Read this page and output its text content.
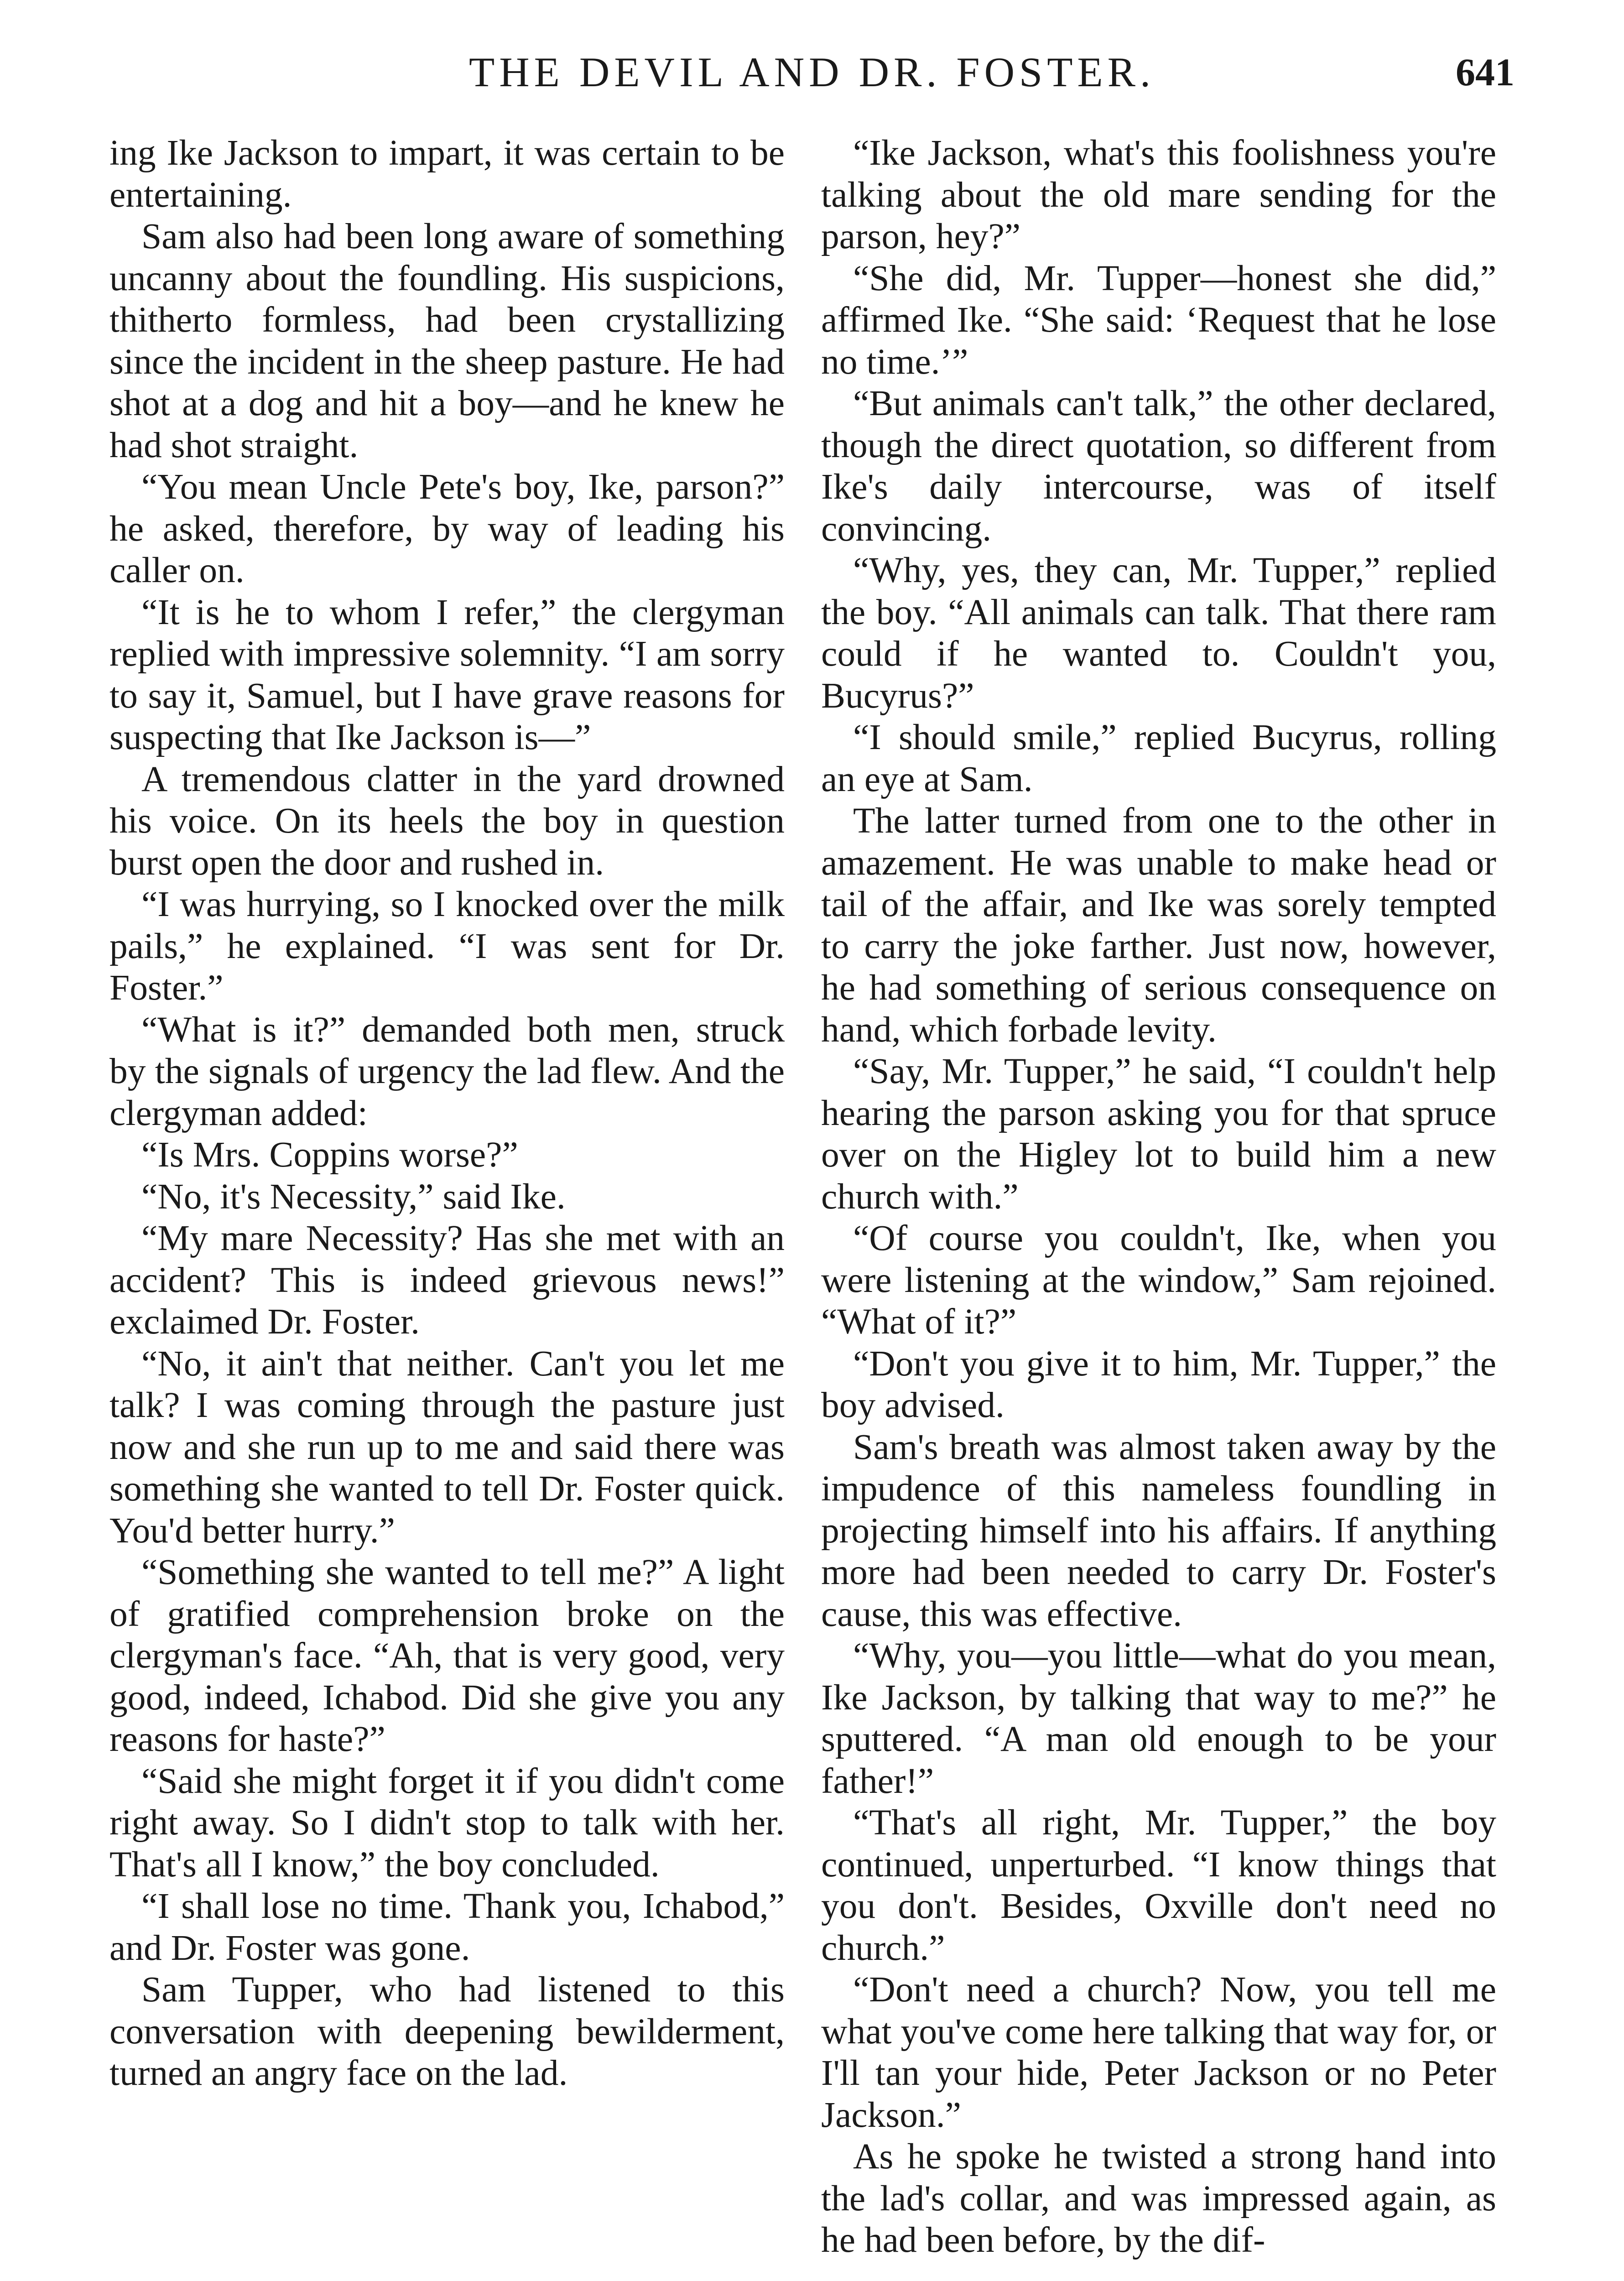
THE DEVIL AND DR. FOSTER.	641

ing Ike Jackson to impart, it was certain to be entertaining.

Sam also had been long aware of something uncanny about the foundling. His suspicions, thitherto formless, had been crystallizing since the incident in the sheep pasture. He had shot at a dog and hit a boy—and he knew he had shot straight.

“You mean Uncle Pete's boy, Ike, parson?” he asked, therefore, by way of leading his caller on.

“It is he to whom I refer,” the clergyman replied with impressive solemnity. “I am sorry to say it, Samuel, but I have grave reasons for suspecting that Ike Jackson is—”

A tremendous clatter in the yard drowned his voice. On its heels the boy in question burst open the door and rushed in.

“I was hurrying, so I knocked over the milk pails,” he explained. “I was sent for Dr. Foster.”

“What is it?” demanded both men, struck by the signals of urgency the lad flew. And the clergyman added:

“Is Mrs. Coppins worse?”

“No, it's Necessity,” said Ike.

“My mare Necessity? Has she met with an accident? This is indeed grievous news!” exclaimed Dr. Foster.

“No, it ain't that neither. Can't you let me talk? I was coming through the pasture just now and she run up to me and said there was something she wanted to tell Dr. Foster quick. You'd better hurry.”

“Something she wanted to tell me?” A light of gratified comprehension broke on the clergyman's face. “Ah, that is very good, very good, indeed, Ichabod. Did she give you any reasons for haste?”

“Said she might forget it if you didn't come right away. So I didn't stop to talk with her. That's all I know,” the boy concluded.

“I shall lose no time. Thank you, Ichabod,” and Dr. Foster was gone.

Sam Tupper, who had listened to this conversation with deepening bewilderment, turned an angry face on the lad.

“Ike Jackson, what's this foolishness you're talking about the old mare sending for the parson, hey?”

“She did, Mr. Tupper—honest she did,” affirmed Ike. “She said: ‘Request that he lose no time.’”

“But animals can't talk,” the other declared, though the direct quotation, so different from Ike's daily intercourse, was of itself convincing.

“Why, yes, they can, Mr. Tupper,” replied the boy. “All animals can talk. That there ram could if he wanted to. Couldn't you, Bucyrus?”

“I should smile,” replied Bucyrus, rolling an eye at Sam.

The latter turned from one to the other in amazement. He was unable to make head or tail of the affair, and Ike was sorely tempted to carry the joke farther. Just now, however, he had something of serious consequence on hand, which forbade levity.

“Say, Mr. Tupper,” he said, “I couldn't help hearing the parson asking you for that spruce over on the Higley lot to build him a new church with.”

“Of course you couldn't, Ike, when you were listening at the window,” Sam rejoined. “What of it?”

“Don't you give it to him, Mr. Tupper,” the boy advised.

Sam's breath was almost taken away by the impudence of this nameless foundling in projecting himself into his affairs. If anything more had been needed to carry Dr. Foster's cause, this was effective.

“Why, you—you little—what do you mean, Ike Jackson, by talking that way to me?” he sputtered. “A man old enough to be your father!”

“That's all right, Mr. Tupper,” the boy continued, unperturbed. “I know things that you don't. Besides, Oxville don't need no church.”

“Don't need a church? Now, you tell me what you've come here talking that way for, or I'll tan your hide, Peter Jackson or no Peter Jackson.”

As he spoke he twisted a strong hand into the lad's collar, and was impressed again, as he had been before, by the dif-
